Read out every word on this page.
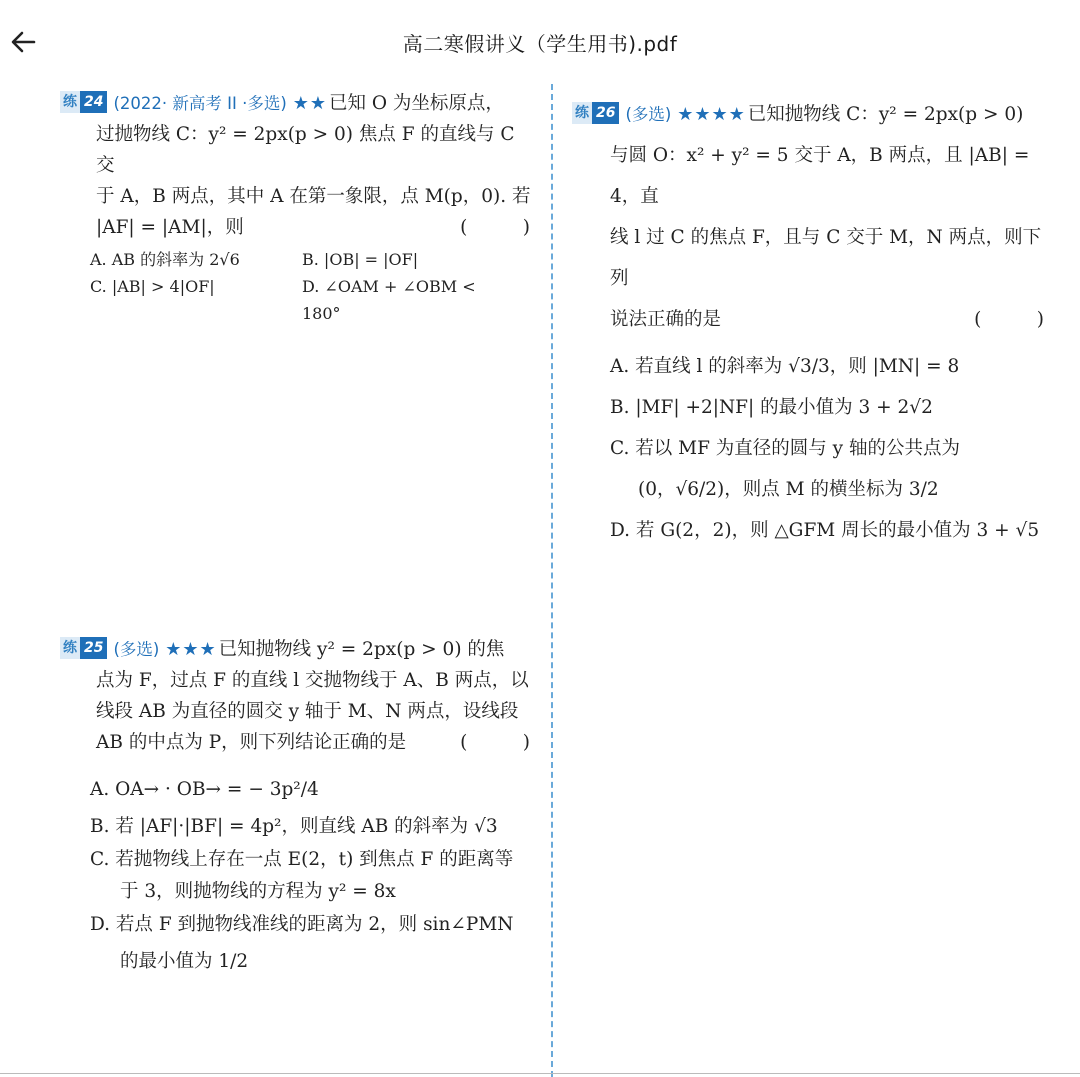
高二寒假讲义（学生用书).pdf
练 24 (2022· 新高考 II ·多选) ★★ 已知 O 为坐标原点，
过抛物线 C：y² = 2px(p > 0) 焦点 F 的直线与 C 交
于 A，B 两点，其中 A 在第一象限，点 M(p，0). 若
|AF| = |AM|，则	(　　　)
A. AB 的斜率为 2√6	B. |OB| = |OF|
C. |AB| > 4|OF|	D. ∠OAM + ∠OBM < 180°
练 25 (多选) ★★★ 已知抛物线 y² = 2px(p > 0) 的焦
点为 F，过点 F 的直线 l 交抛物线于 A、B 两点，以
线段 AB 为直径的圆交 y 轴于 M、N 两点，设线段
AB 的中点为 P，则下列结论正确的是	(　　　)
A. OA→ · OB→ = − 3p²/4
B. 若 |AF|·|BF| = 4p²，则直线 AB 的斜率为 √3
C. 若抛物线上存在一点 E(2，t) 到焦点 F 的距离等
于 3，则抛物线的方程为 y² = 8x
D. 若点 F 到抛物线准线的距离为 2，则 sin∠PMN
的最小值为 1/2
练 26 (多选) ★★★★ 已知抛物线 C：y² = 2px(p > 0)
与圆 O：x² + y² = 5 交于 A，B 两点，且 |AB| = 4，直
线 l 过 C 的焦点 F，且与 C 交于 M，N 两点，则下列
说法正确的是	(　　　)
A. 若直线 l 的斜率为 √3/3，则 |MN| = 8
B. |MF| +2|NF| 的最小值为 3 + 2√2
C. 若以 MF 为直径的圆与 y 轴的公共点为
(0，√6/2)，则点 M 的横坐标为 3/2
D. 若 G(2，2)，则 △GFM 周长的最小值为 3 + √5
